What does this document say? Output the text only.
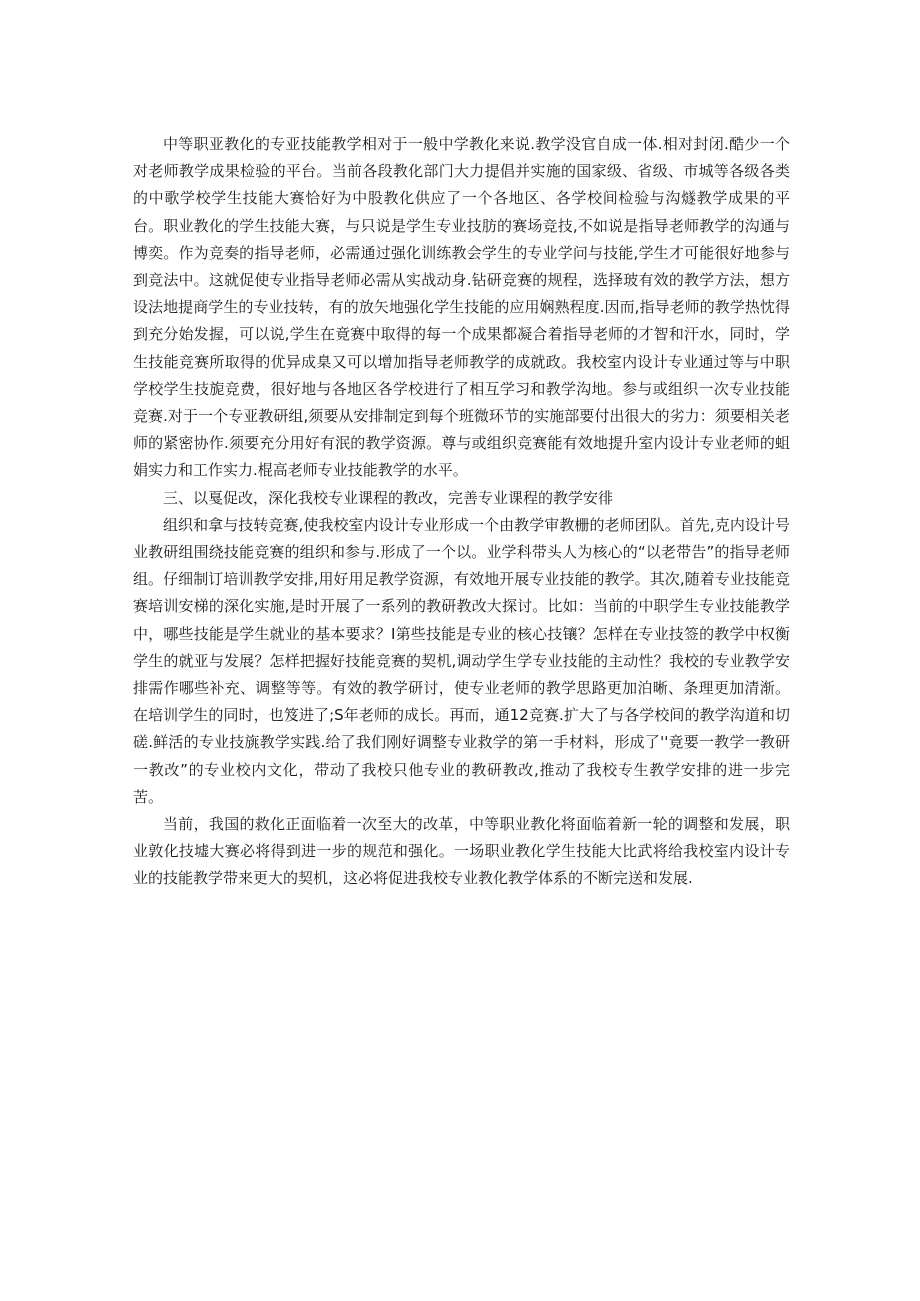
中等职亚教化的专亚技能教学相对于一般中学教化来说.教学没官自成一体.相对封闭.酷少一个对老师教学成果检验的平台。当前各段教化部门大力提倡并实施的国家级、省级、市城等各级各类的中歌学校学生技能大赛恰好为中股教化供应了一个各地区、各学校间检验与沟燧教学成果的平台。职业教化的学生技能大赛，与只说是学生专业技肪的赛场竞技,不如说是指导老师教学的沟通与博奕。作为竞奏的指导老师，必需通过强化训练教会学生的专业学问与技能,学生才可能很好地参与到竞法中。这就促使专业指导老师必需从实战动身.钻研竞赛的规程，选择玻有效的教学方法，想方设法地提商学生的专业技转，有的放矢地强化学生技能的应用娴熟程度.因而,指导老师的教学热忱得到充分始发握，可以说,学生在竟赛中取得的每一个成果都凝合着指导老师的才智和汗水，同时，学生技能竞赛所取得的优异成臬又可以增加指导老师教学的成就政。我校室内设计专业通过等与中职学校学生技旎竞费，很好地与各地区各学校进行了相互学习和教学沟地。参与或组织一次专业技能竞赛.对于一个专亚教研组,须要从安排制定到每个班微环节的实施部要付出很大的劣力：须要相关老师的紧密协作.须要充分用好有泯的教学资源。尊与或组织竞赛能有效地提升室内设计专业老师的蛆娟实力和工作实力.棍高老师专业技能教学的水平。

三、以戛促改，深化我校专业课程的教改，完善专业课程的教学安徘

组织和拿与技转竞赛,使我校室内设计专业形成一个由教学审教栅的老师团队。首先,克内设计号业教研组围绕技能竞赛的组织和参与.形成了一个以。业学科带头人为核心的“以老带告”的指导老师组。仔细制订培训教学安排,用好用足教学资源，有效地开展专业技能的教学。其次,随着专业技能竞赛培训安梯的深化实施,是时开展了一系列的教研教改大探讨。比如：当前的中职学生专业技能教学中，哪些技能是学生就业的基本要求？I第些技能是专业的核心技镶？怎样在专业技签的教学中权衡学生的就亚与发展？怎样把握好技能竞赛的契机,调动学生学专业技能的主动性？我校的专业教学安排需作哪些补充、调整等等。有效的教学研讨，使专业老师的教学思路更加泊晰、条理更加清渐。在培训学生的同时，也笈进了;S年老师的成长。再而，通12竞赛.扩大了与各学校间的教学沟道和切磋.鲜活的专业技旐教学实践.给了我们刚好调整专业救学的第一手材料，形成了''竟要一教学一教研一教改”的专业校内文化，带动了我校只他专业的教研教改,推动了我校专生教学安排的进一步完苦。

当前，我国的救化正面临着一次至大的改革，中等职业教化将面临着新一轮的调整和发展，职业敦化技墟大赛必将得到进一步的规范和强化。一场职业教化学生技能大比武将给我校室内设计专业的技能教学带来更大的契机，这必将促进我校专业教化教学体系的不断完送和发展.
